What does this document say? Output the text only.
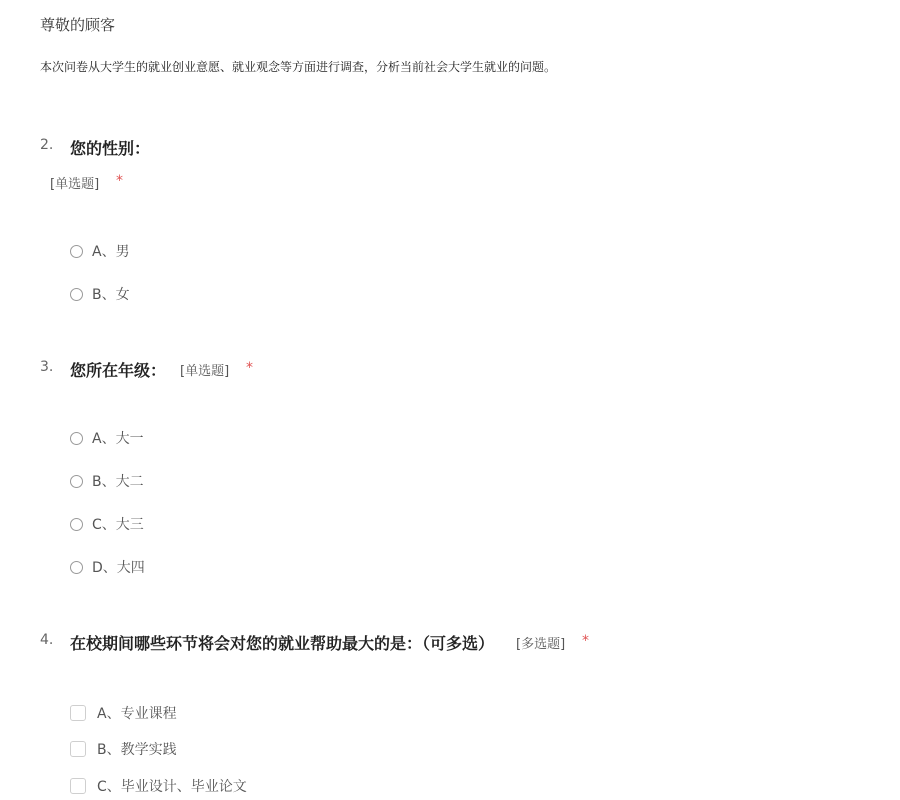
尊敬的顾客
本次问卷从大学生的就业创业意愿、就业观念等方面进行调查，分析当前社会大学生就业的问题。
2. 您的性别：
[单选题] *
A、男
B、女
3. 您所在年级： [单选题] *
A、大一
B、大二
C、大三
D、大四
4. 在校期间哪些环节将会对您的就业帮助最大的是：（可多选） [多选题] *
A、专业课程
B、教学实践
C、毕业设计、毕业论文
